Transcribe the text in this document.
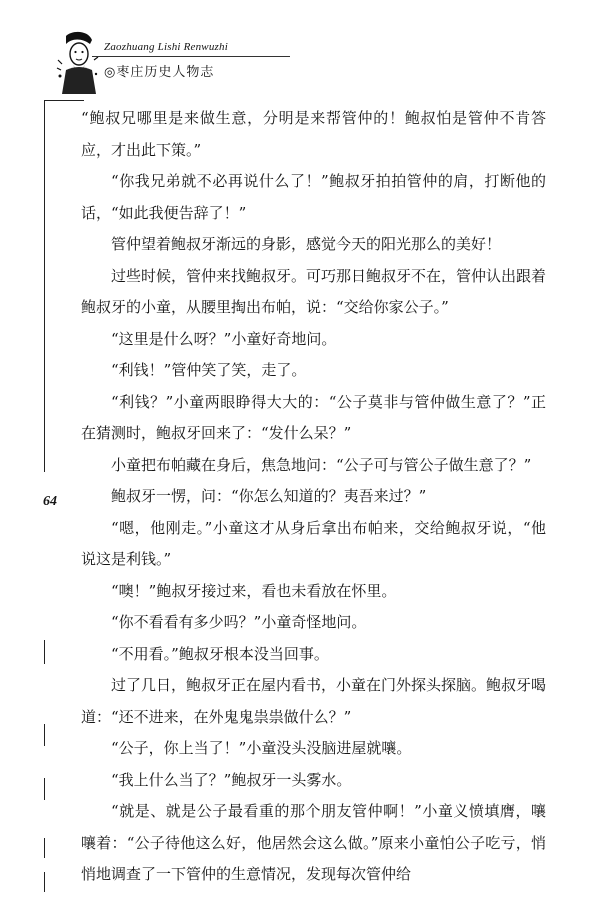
Zaozhuang Lishi Renwuzhi
◎枣庄历史人物志
64

“鲍叔兄哪里是来做生意，分明是来帮管仲的！鲍叔怕是管仲不肯答应，才出此下策。”

“你我兄弟就不必再说什么了！”鲍叔牙拍拍管仲的肩，打断他的话，“如此我便告辞了！”

管仲望着鲍叔牙渐远的身影，感觉今天的阳光那么的美好！

过些时候，管仲来找鲍叔牙。可巧那日鲍叔牙不在，管仲认出跟着鲍叔牙的小童，从腰里掏出布帕，说：“交给你家公子。”

“这里是什么呀？”小童好奇地问。

“利钱！”管仲笑了笑，走了。

“利钱？”小童两眼睁得大大的：“公子莫非与管仲做生意了？”正在猜测时，鲍叔牙回来了：“发什么呆？”

小童把布帕藏在身后，焦急地问：“公子可与管公子做生意了？”

鲍叔牙一愣，问：“你怎么知道的？夷吾来过？”

“嗯，他刚走。”小童这才从身后拿出布帕来，交给鲍叔牙说，“他说这是利钱。”

“噢！”鲍叔牙接过来，看也未看放在怀里。

“你不看看有多少吗？”小童奇怪地问。

“不用看。”鲍叔牙根本没当回事。

过了几日，鲍叔牙正在屋内看书，小童在门外探头探脑。鲍叔牙喝道：“还不进来，在外鬼鬼祟祟做什么？”

“公子，你上当了！”小童没头没脑进屋就嚷。

“我上什么当了？”鲍叔牙一头雾水。

“就是、就是公子最看重的那个朋友管仲啊！”小童义愤填膺，嚷嚷着：“公子待他这么好，他居然会这么做。”原来小童怕公子吃亏，悄悄地调查了一下管仲的生意情况，发现每次管仲给
